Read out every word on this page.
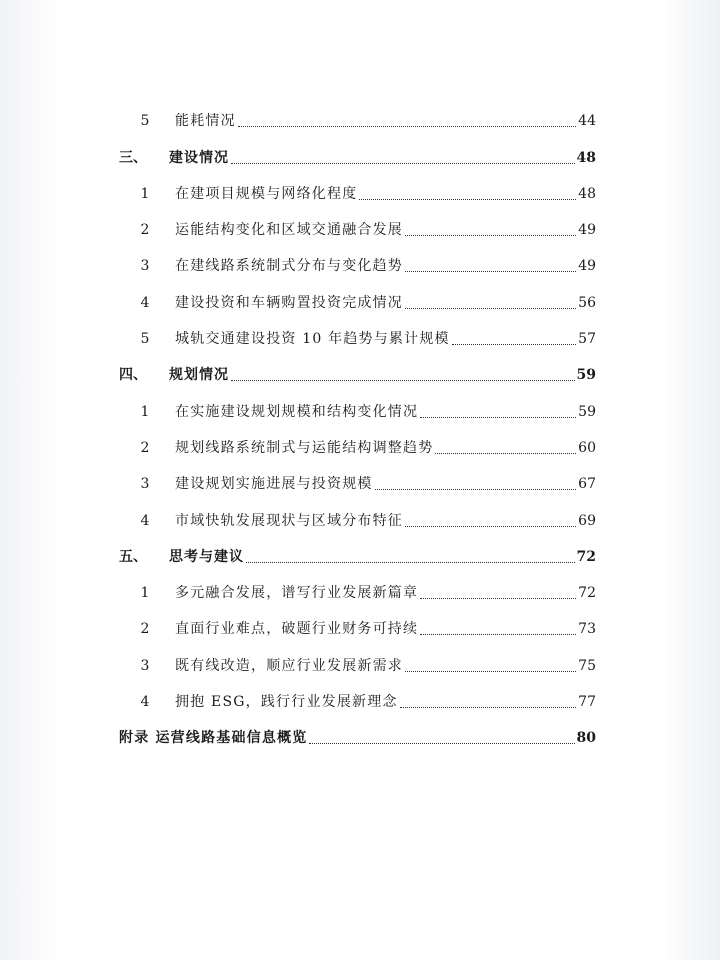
5	能耗情况	44
三、	建设情况	48
1	在建项目规模与网络化程度	48
2	运能结构变化和区域交通融合发展	49
3	在建线路系统制式分布与变化趋势	49
4	建设投资和车辆购置投资完成情况	56
5	城轨交通建设投资 10 年趋势与累计规模	57
四、	规划情况	59
1	在实施建设规划规模和结构变化情况	59
2	规划线路系统制式与运能结构调整趋势	60
3	建设规划实施进展与投资规模	67
4	市域快轨发展现状与区域分布特征	69
五、	思考与建议	72
1	多元融合发展，谱写行业发展新篇章	72
2	直面行业难点，破题行业财务可持续	73
3	既有线改造，顺应行业发展新需求	75
4	拥抱 ESG，践行行业发展新理念	77
附录 运营线路基础信息概览	80
